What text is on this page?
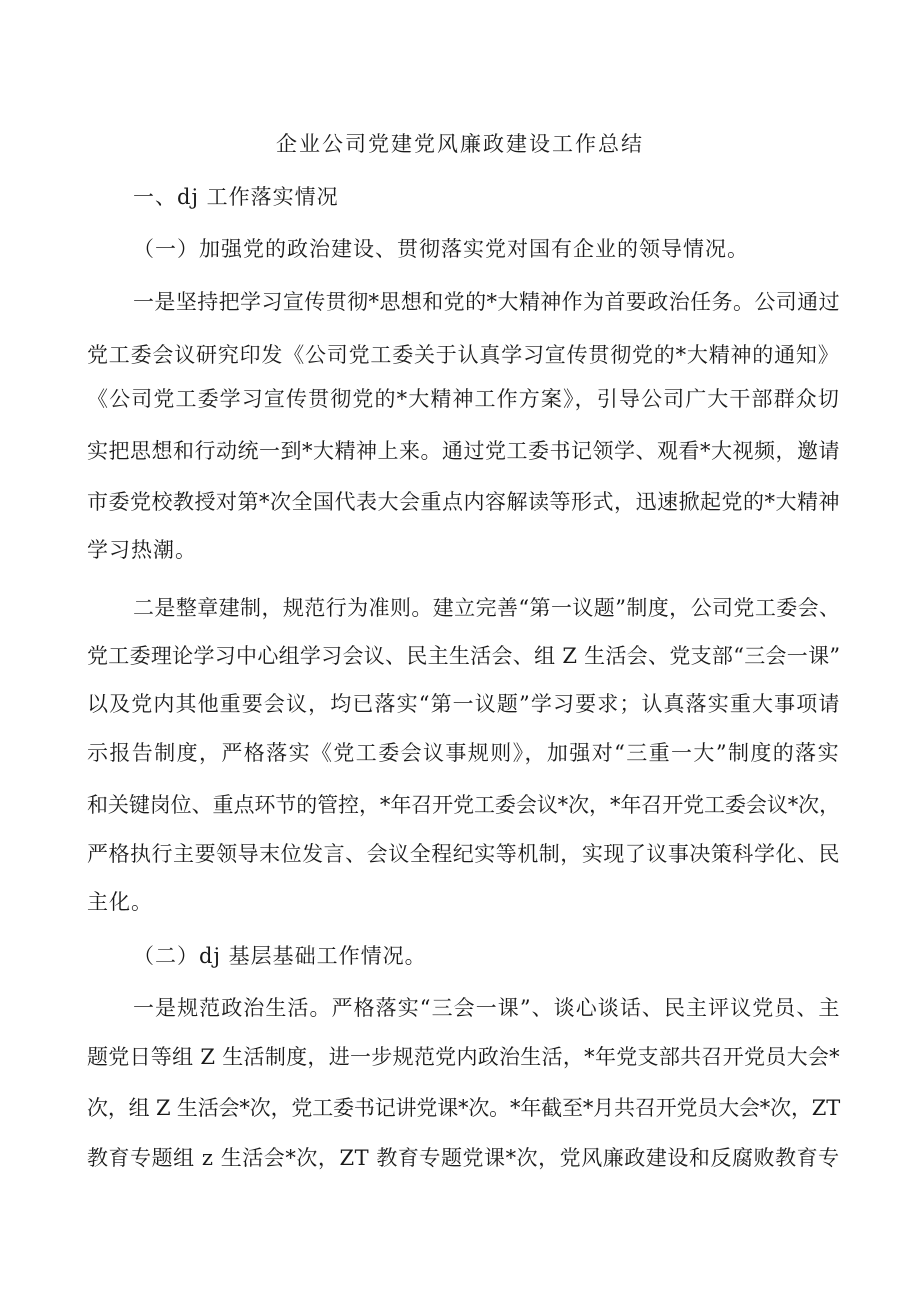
企业公司党建党风廉政建设工作总结
一、dj 工作落实情况
（一）加强党的政治建设、贯彻落实党对国有企业的领导情况。
一是坚持把学习宣传贯彻*思想和党的*大精神作为首要政治任务。公司通过
党工委会议研究印发《公司党工委关于认真学习宣传贯彻党的*大精神的通知》
《公司党工委学习宣传贯彻党的*大精神工作方案》，引导公司广大干部群众切
实把思想和行动统一到*大精神上来。通过党工委书记领学、观看*大视频，邀请
市委党校教授对第*次全国代表大会重点内容解读等形式，迅速掀起党的*大精神
学习热潮。
二是整章建制，规范行为准则。建立完善“第一议题”制度，公司党工委会、
党工委理论学习中心组学习会议、民主生活会、组 Z 生活会、党支部“三会一课”
以及党内其他重要会议，均已落实“第一议题”学习要求；认真落实重大事项请
示报告制度，严格落实《党工委会议事规则》，加强对“三重一大”制度的落实
和关键岗位、重点环节的管控，*年召开党工委会议*次，*年召开党工委会议*次，
严格执行主要领导末位发言、会议全程纪实等机制，实现了议事决策科学化、民
主化。
（二）dj 基层基础工作情况。
一是规范政治生活。严格落实“三会一课”、谈心谈话、民主评议党员、主
题党日等组 Z 生活制度，进一步规范党内政治生活，*年党支部共召开党员大会*
次，组 Z 生活会*次，党工委书记讲党课*次。*年截至*月共召开党员大会*次，ZT
教育专题组 z 生活会*次，ZT 教育专题党课*次，党风廉政建设和反腐败教育专
